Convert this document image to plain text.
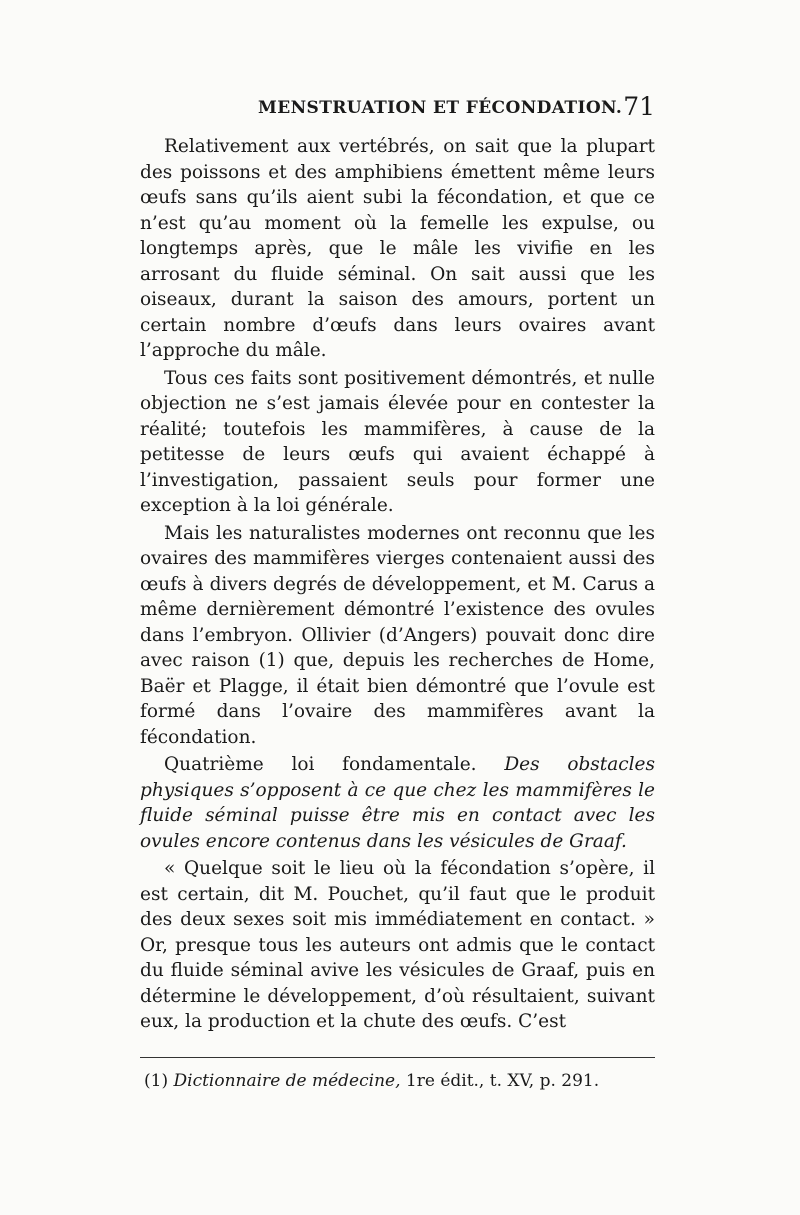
MENSTRUATION ET FÉCONDATION. 71

Relativement aux vertébrés, on sait que la plupart des poissons et des amphibiens émettent même leurs œufs sans qu’ils aient subi la fécondation, et que ce n’est qu’au moment où la femelle les expulse, ou longtemps après, que le mâle les vivifie en les arrosant du fluide séminal. On sait aussi que les oiseaux, durant la saison des amours, portent un certain nombre d’œufs dans leurs ovaires avant l’approche du mâle.

Tous ces faits sont positivement démontrés, et nulle objection ne s’est jamais élevée pour en contester la réalité; toutefois les mammifères, à cause de la petitesse de leurs œufs qui avaient échappé à l’investigation, passaient seuls pour former une exception à la loi générale.

Mais les naturalistes modernes ont reconnu que les ovaires des mammifères vierges contenaient aussi des œufs à divers degrés de développement, et M. Carus a même dernièrement démontré l’existence des ovules dans l’embryon. Ollivier (d’Angers) pouvait donc dire avec raison (1) que, depuis les recherches de Home, Baër et Plagge, il était bien démontré que l’ovule est formé dans l’ovaire des mammifères avant la fécondation.

Quatrième loi fondamentale. Des obstacles physiques s’opposent à ce que chez les mammifères le fluide séminal puisse être mis en contact avec les ovules encore contenus dans les vésicules de Graaf.

« Quelque soit le lieu où la fécondation s’opère, il est certain, dit M. Pouchet, qu’il faut que le produit des deux sexes soit mis immédiatement en contact. » Or, presque tous les auteurs ont admis que le contact du fluide séminal avive les vésicules de Graaf, puis en détermine le développement, d’où résultaient, suivant eux, la production et la chute des œufs. C’est

(1) Dictionnaire de médecine, 1re édit., t. XV, p. 291.
